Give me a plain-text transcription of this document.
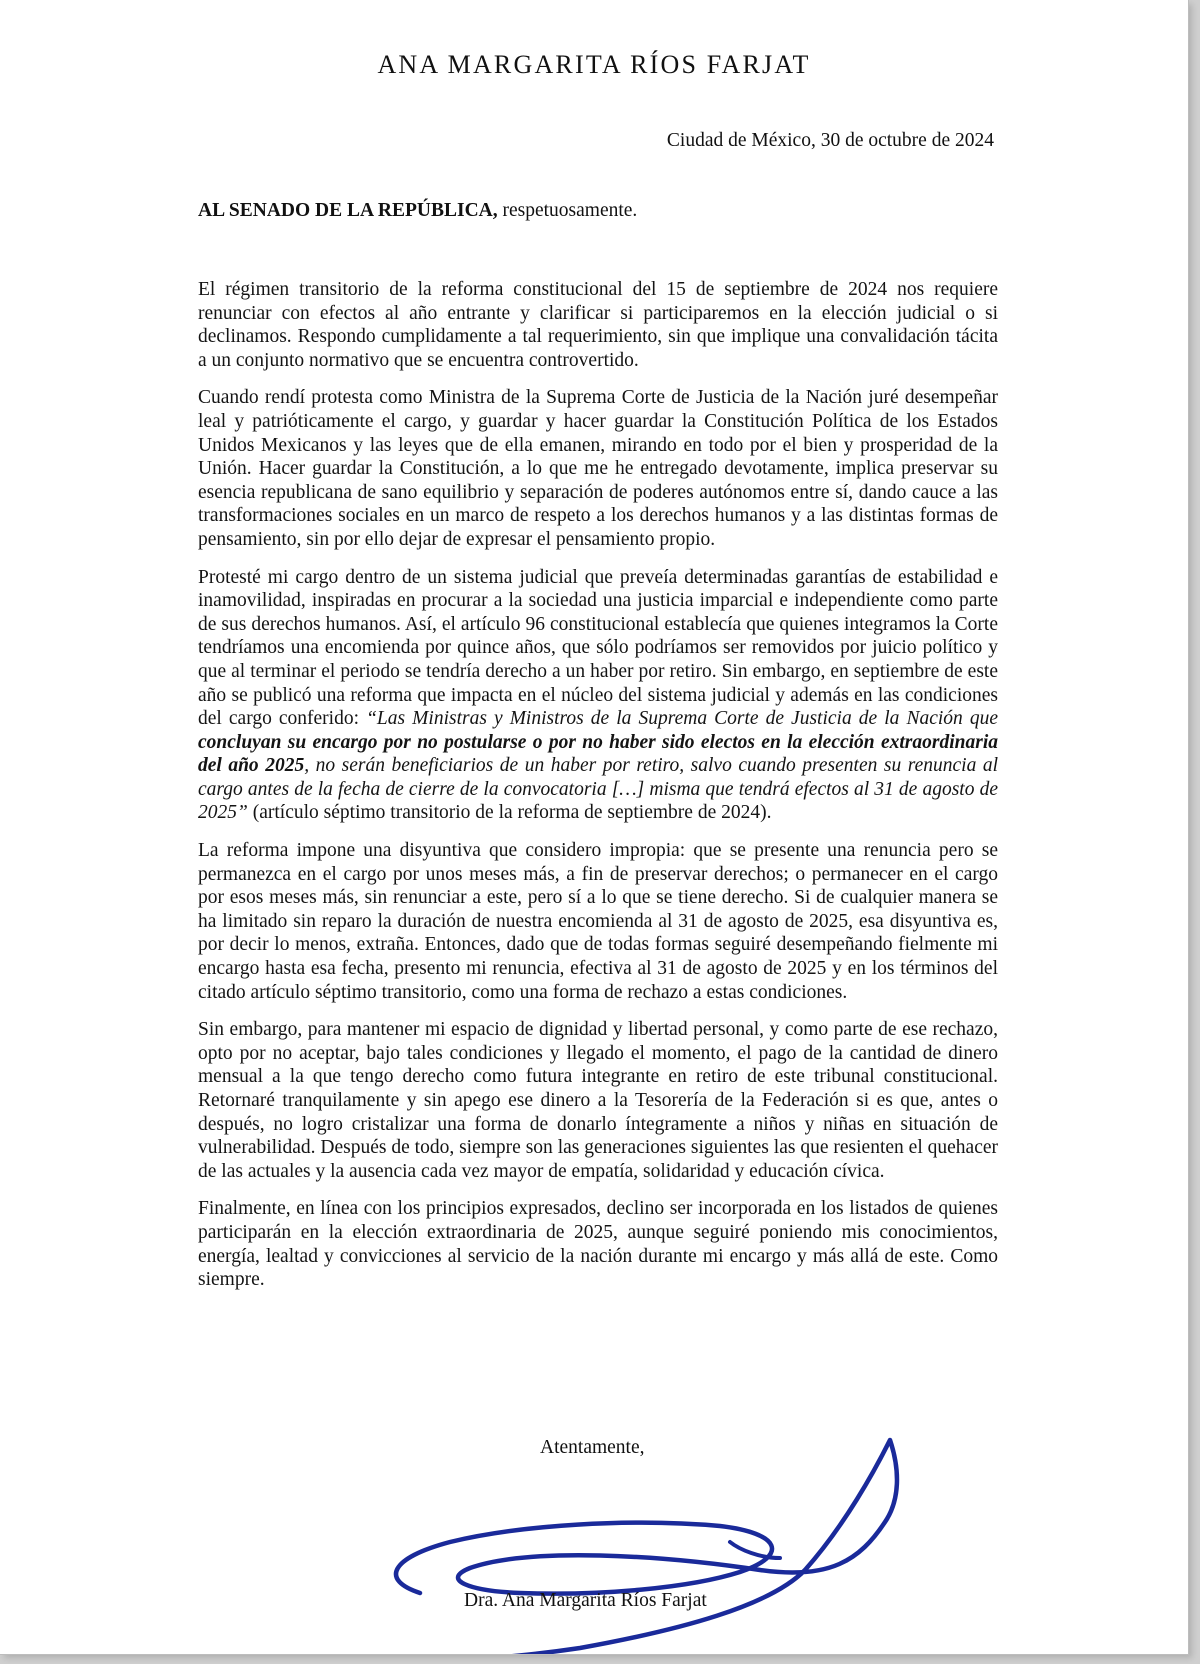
ANA MARGARITA RÍOS FARJAT
Ciudad de México, 30 de octubre de 2024
AL SENADO DE LA REPÚBLICA, respetuosamente.

El régimen transitorio de la reforma constitucional del 15 de septiembre de 2024 nos requiere renunciar con efectos al año entrante y clarificar si participaremos en la elección judicial o si declinamos. Respondo cumplidamente a tal requerimiento, sin que implique una convalidación tácita a un conjunto normativo que se encuentra controvertido.

Cuando rendí protesta como Ministra de la Suprema Corte de Justicia de la Nación juré desempeñar leal y patrióticamente el cargo, y guardar y hacer guardar la Constitución Política de los Estados Unidos Mexicanos y las leyes que de ella emanen, mirando en todo por el bien y prosperidad de la Unión. Hacer guardar la Constitución, a lo que me he entregado devotamente, implica preservar su esencia republicana de sano equilibrio y separación de poderes autónomos entre sí, dando cauce a las transformaciones sociales en un marco de respeto a los derechos humanos y a las distintas formas de pensamiento, sin por ello dejar de expresar el pensamiento propio.

Protesté mi cargo dentro de un sistema judicial que preveía determinadas garantías de estabilidad e inamovilidad, inspiradas en procurar a la sociedad una justicia imparcial e independiente como parte de sus derechos humanos. Así, el artículo 96 constitucional establecía que quienes integramos la Corte tendríamos una encomienda por quince años, que sólo podríamos ser removidos por juicio político y que al terminar el periodo se tendría derecho a un haber por retiro. Sin embargo, en septiembre de este año se publicó una reforma que impacta en el núcleo del sistema judicial y además en las condiciones del cargo conferido: “Las Ministras y Ministros de la Suprema Corte de Justicia de la Nación que concluyan su encargo por no postularse o por no haber sido electos en la elección extraordinaria del año 2025, no serán beneficiarios de un haber por retiro, salvo cuando presenten su renuncia al cargo antes de la fecha de cierre de la convocatoria […] misma que tendrá efectos al 31 de agosto de 2025” (artículo séptimo transitorio de la reforma de septiembre de 2024).

La reforma impone una disyuntiva que considero impropia: que se presente una renuncia pero se permanezca en el cargo por unos meses más, a fin de preservar derechos; o permanecer en el cargo por esos meses más, sin renunciar a este, pero sí a lo que se tiene derecho. Si de cualquier manera se ha limitado sin reparo la duración de nuestra encomienda al 31 de agosto de 2025, esa disyuntiva es, por decir lo menos, extraña. Entonces, dado que de todas formas seguiré desempeñando fielmente mi encargo hasta esa fecha, presento mi renuncia, efectiva al 31 de agosto de 2025 y en los términos del citado artículo séptimo transitorio, como una forma de rechazo a estas condiciones.

Sin embargo, para mantener mi espacio de dignidad y libertad personal, y como parte de ese rechazo, opto por no aceptar, bajo tales condiciones y llegado el momento, el pago de la cantidad de dinero mensual a la que tengo derecho como futura integrante en retiro de este tribunal constitucional. Retornaré tranquilamente y sin apego ese dinero a la Tesorería de la Federación si es que, antes o después, no logro cristalizar una forma de donarlo íntegramente a niños y niñas en situación de vulnerabilidad. Después de todo, siempre son las generaciones siguientes las que resienten el quehacer de las actuales y la ausencia cada vez mayor de empatía, solidaridad y educación cívica.

Finalmente, en línea con los principios expresados, declino ser incorporada en los listados de quienes participarán en la elección extraordinaria de 2025, aunque seguiré poniendo mis conocimientos, energía, lealtad y convicciones al servicio de la nación durante mi encargo y más allá de este. Como siempre.

Atentamente,
Dra. Ana Margarita Ríos Farjat
